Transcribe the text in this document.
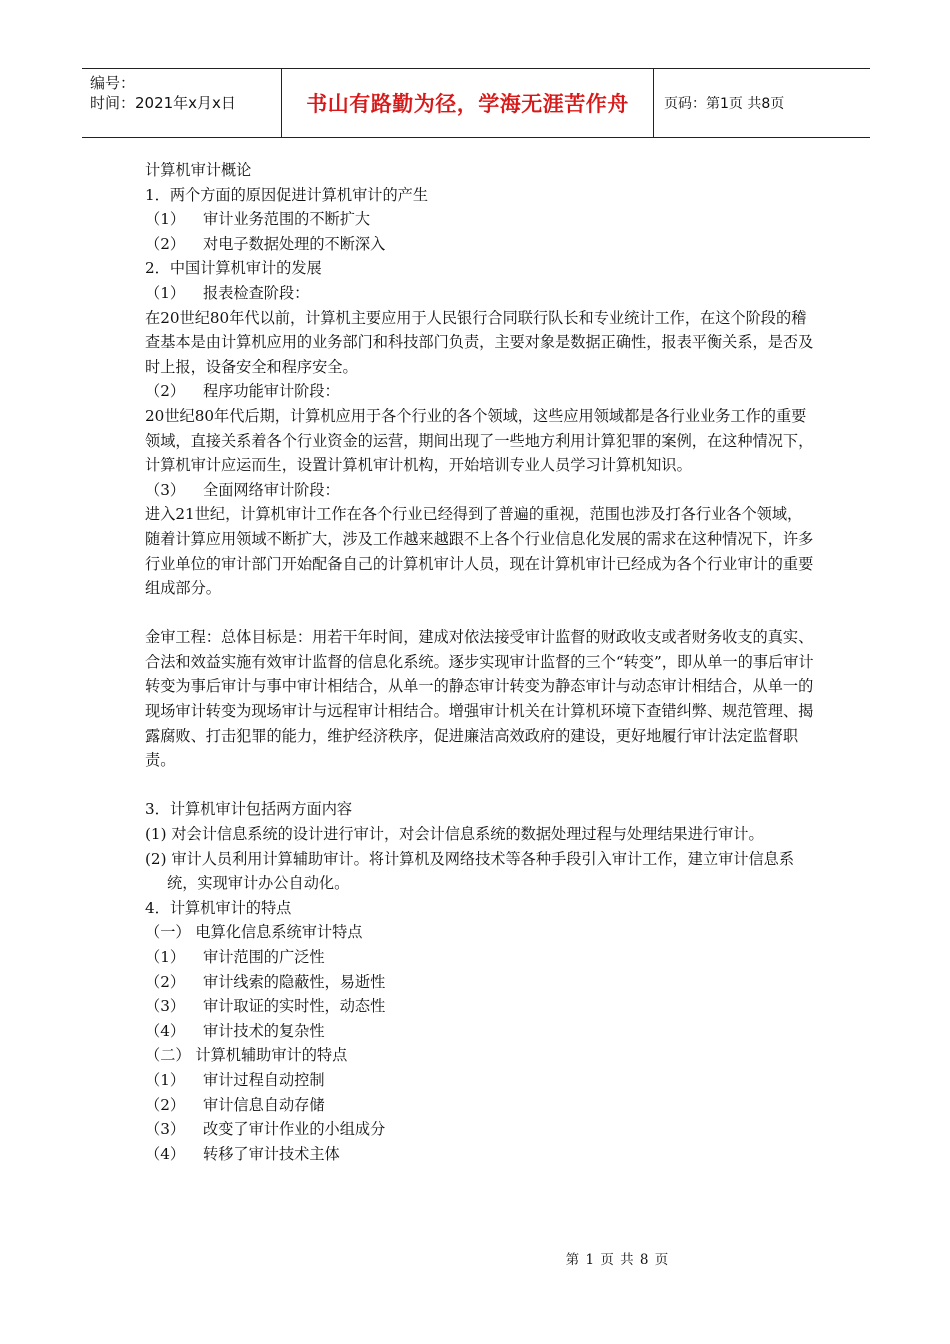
编号：
时间：2021年x月x日	书山有路勤为径，学海无涯苦作舟	页码：第1页 共8页

计算机审计概论

1．两个方面的原因促进计算机审计的产生

（1）	审计业务范围的不断扩大
（2）	对电子数据处理的不断深入

2．中国计算机审计的发展

（1）	报表检查阶段：

在20世纪80年代以前，计算机主要应用于人民银行合同联行队长和专业统计工作，在这个阶段的稽查基本是由计算机应用的业务部门和科技部门负责，主要对象是数据正确性，报表平衡关系，是否及时上报，设备安全和程序安全。

（2）	程序功能审计阶段：

20世纪80年代后期，计算机应用于各个行业的各个领域，这些应用领域都是各行业业务工作的重要领域，直接关系着各个行业资金的运营，期间出现了一些地方利用计算犯罪的案例，在这种情况下，计算机审计应运而生，设置计算机审计机构，开始培训专业人员学习计算机知识。

（3）	全面网络审计阶段：

进入21世纪，计算机审计工作在各个行业已经得到了普遍的重视，范围也涉及打各行业各个领域，随着计算应用领域不断扩大，涉及工作越来越跟不上各个行业信息化发展的需求在这种情况下，许多行业单位的审计部门开始配备自己的计算机审计人员，现在计算机审计已经成为各个行业审计的重要组成部分。

金审工程：总体目标是：用若干年时间，建成对依法接受审计监督的财政收支或者财务收支的真实、合法和效益实施有效审计监督的信息化系统。逐步实现审计监督的三个“转变”，即从单一的事后审计转变为事后审计与事中审计相结合，从单一的静态审计转变为静态审计与动态审计相结合，从单一的现场审计转变为现场审计与远程审计相结合。增强审计机关在计算机环境下查错纠弊、规范管理、揭露腐败、打击犯罪的能力，维护经济秩序，促进廉洁高效政府的建设，更好地履行审计法定监督职责。

3．计算机审计包括两方面内容

(1) 对会计信息系统的设计进行审计，对会计信息系统的数据处理过程与处理结果进行审计。
(2) 审计人员利用计算辅助审计。将计算机及网络技术等各种手段引入审计工作，建立审计信息系统，实现审计办公自动化。

4．计算机审计的特点

（一） 电算化信息系统审计特点

（1）	审计范围的广泛性
（2）	审计线索的隐蔽性，易逝性
（3）	审计取证的实时性，动态性
（4）	审计技术的复杂性

（二） 计算机辅助审计的特点

（1）	审计过程自动控制
（2）	审计信息自动存储
（3）	改变了审计作业的小组成分
（4）	转移了审计技术主体
第 1 页 共 8 页
